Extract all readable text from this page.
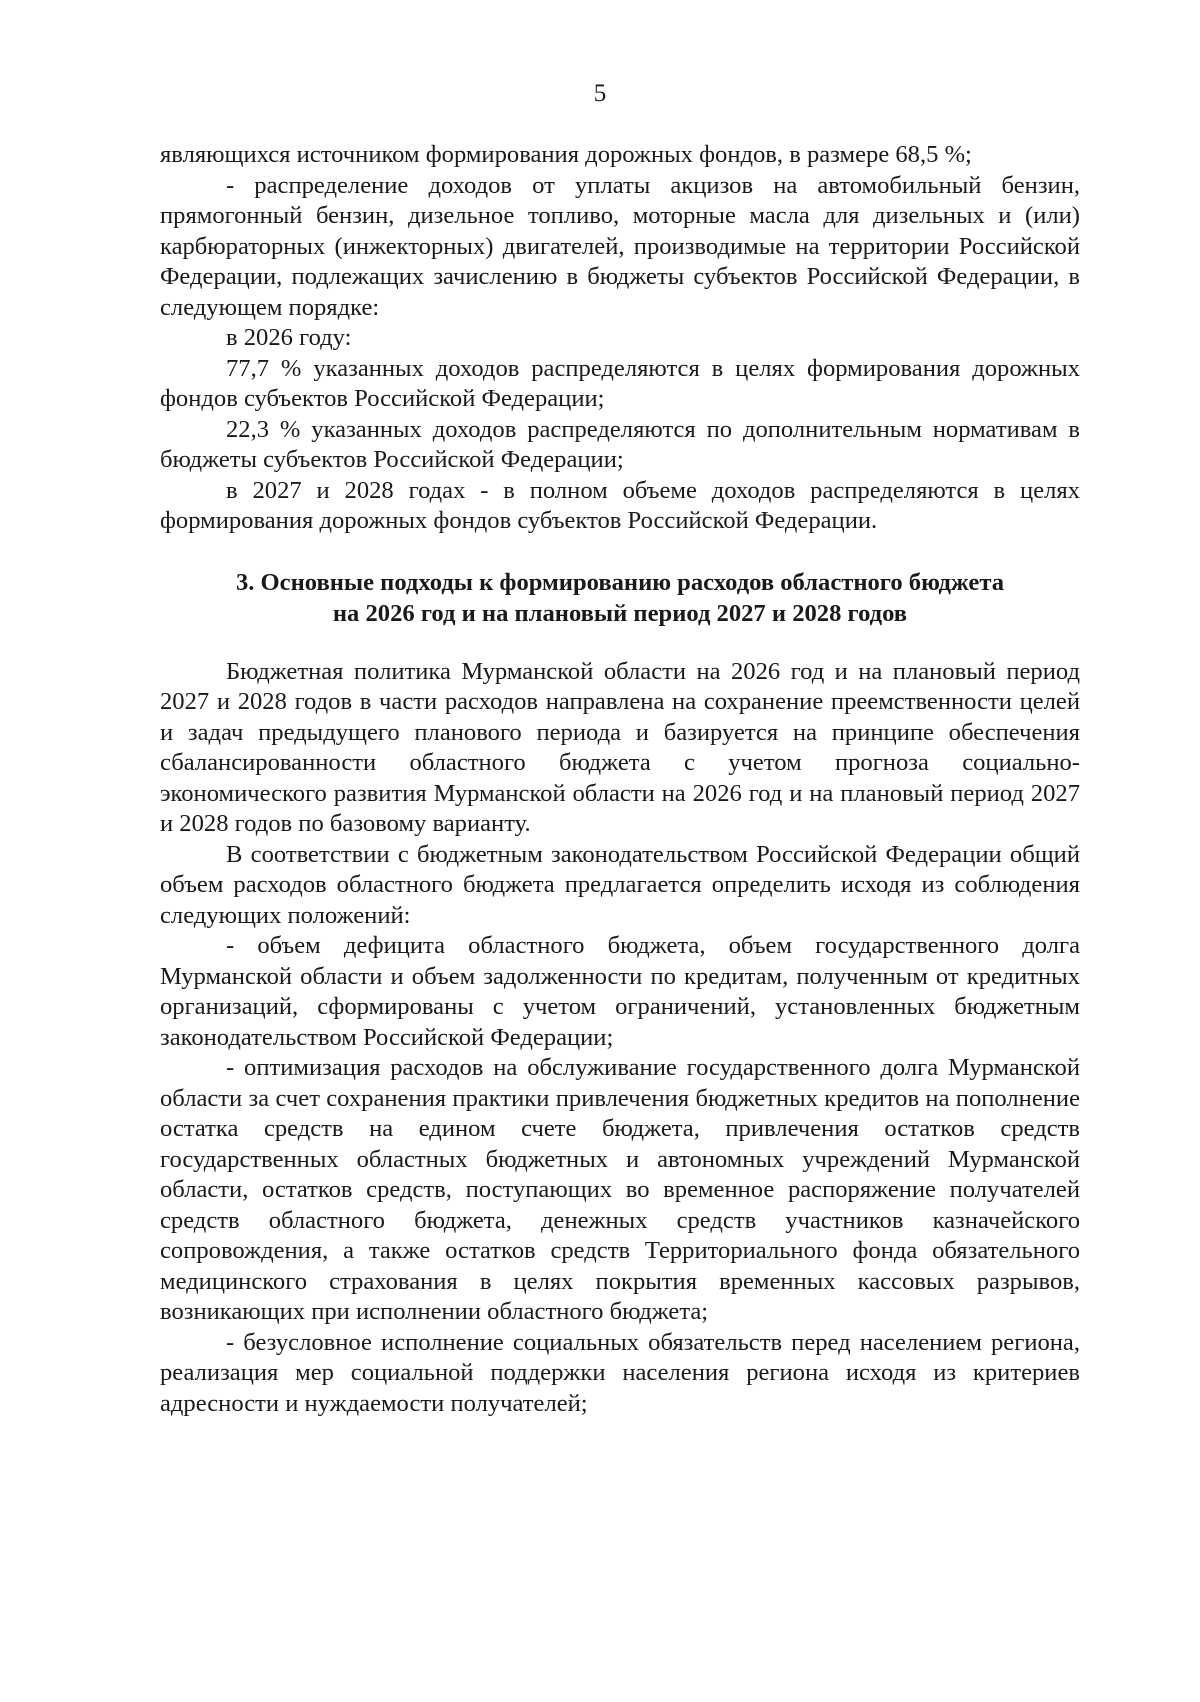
5

являющихся источником формирования дорожных фондов, в размере 68,5 %;

- распределение доходов от уплаты акцизов на автомобильный бензин, прямогонный бензин, дизельное топливо, моторные масла для дизельных и (или) карбюраторных (инжекторных) двигателей, производимые на территории Российской Федерации, подлежащих зачислению в бюджеты субъектов Российской Федерации, в следующем порядке:

в 2026 году:

77,7 % указанных доходов распределяются в целях формирования дорожных фондов субъектов Российской Федерации;

22,3 % указанных доходов распределяются по дополнительным нормативам в бюджеты субъектов Российской Федерации;

в 2027 и 2028 годах - в полном объеме доходов распределяются в целях формирования дорожных фондов субъектов Российской Федерации.

3. Основные подходы к формированию расходов областного бюджета на 2026 год и на плановый период 2027 и 2028 годов

Бюджетная политика Мурманской области на 2026 год и на плановый период 2027 и 2028 годов в части расходов направлена на сохранение преемственности целей и задач предыдущего планового периода и базируется на принципе обеспечения сбалансированности областного бюджета с учетом прогноза социально-экономического развития Мурманской области на 2026 год и на плановый период 2027 и 2028 годов по базовому варианту.

В соответствии с бюджетным законодательством Российской Федерации общий объем расходов областного бюджета предлагается определить исходя из соблюдения следующих положений:

- объем дефицита областного бюджета, объем государственного долга Мурманской области и объем задолженности по кредитам, полученным от кредитных организаций, сформированы с учетом ограничений, установленных бюджетным законодательством Российской Федерации;

- оптимизация расходов на обслуживание государственного долга Мурманской области за счет сохранения практики привлечения бюджетных кредитов на пополнение остатка средств на едином счете бюджета, привлечения остатков средств государственных областных бюджетных и автономных учреждений Мурманской области, остатков средств, поступающих во временное распоряжение получателей средств областного бюджета, денежных средств участников казначейского сопровождения, а также остатков средств Территориального фонда обязательного медицинского страхования в целях покрытия временных кассовых разрывов, возникающих при исполнении областного бюджета;

- безусловное исполнение социальных обязательств перед населением региона, реализация мер социальной поддержки населения региона исходя из критериев адресности и нуждаемости получателей;
